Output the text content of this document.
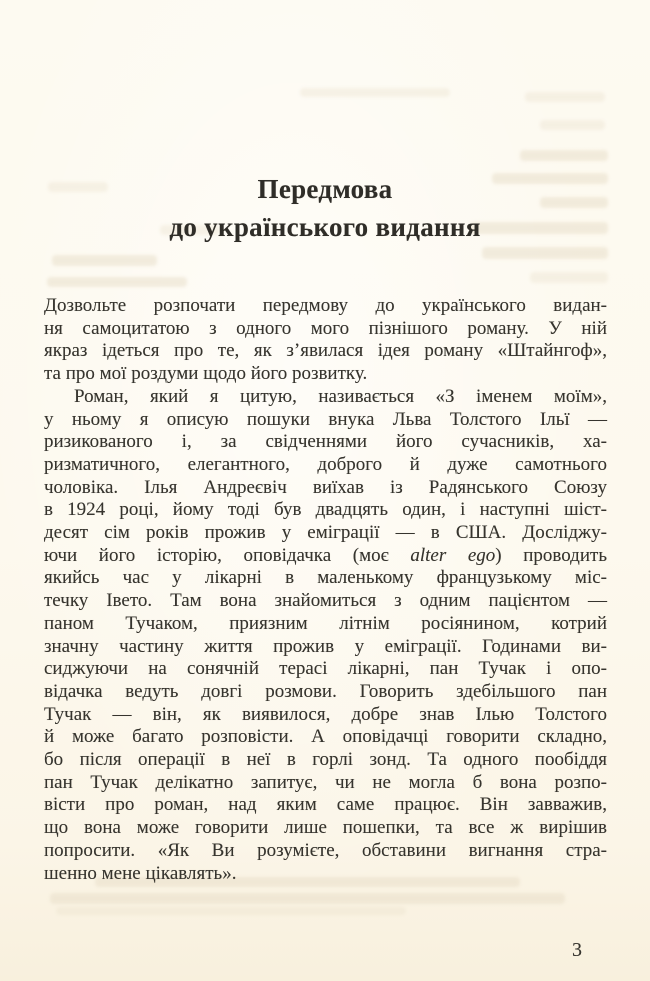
Передмова
до українського видання
Дозвольте розпочати передмову до українського видан-
ня самоцитатою з одного мого пізнішого роману. У ній
якраз ідеться про те, як з’явилася ідея роману «Штайнгоф»,
та про мої роздуми щодо його розвитку.
Роман, який я цитую, називається «З іменем моїм»,
у ньому я описую пошуки внука Льва Толстого Ільї —
ризикованого і, за свідченнями його сучасників, ха-
ризматичного, елегантного, доброго й дуже самотнього
чоловіка. Ілья Андреєвіч виїхав із Радянського Союзу
в 1924 році, йому тоді був двадцять один, і наступні шіст-
десят сім років прожив у еміграції — в США. Досліджу-
ючи його історію, оповідачка (моє alter ego) проводить
якийсь час у лікарні в маленькому французькому міс-
течку Івето. Там вона знайомиться з одним пацієнтом —
паном Тучаком, приязним літнім росіянином, котрий
значну частину життя прожив у еміграції. Годинами ви-
сиджуючи на сонячній терасі лікарні, пан Тучак і опо-
відачка ведуть довгі розмови. Говорить здебільшого пан
Тучак — він, як виявилося, добре знав Ілью Толстого
й може багато розповісти. А оповідачці говорити складно,
бо після операції в неї в горлі зонд. Та одного пообіддя
пан Тучак делікатно запитує, чи не могла б вона розпо-
вісти про роман, над яким саме працює. Він завважив,
що вона може говорити лише пошепки, та все ж вирішив
попросити. «Як Ви розумієте, обставини вигнання стра-
шенно мене цікавлять».
3
